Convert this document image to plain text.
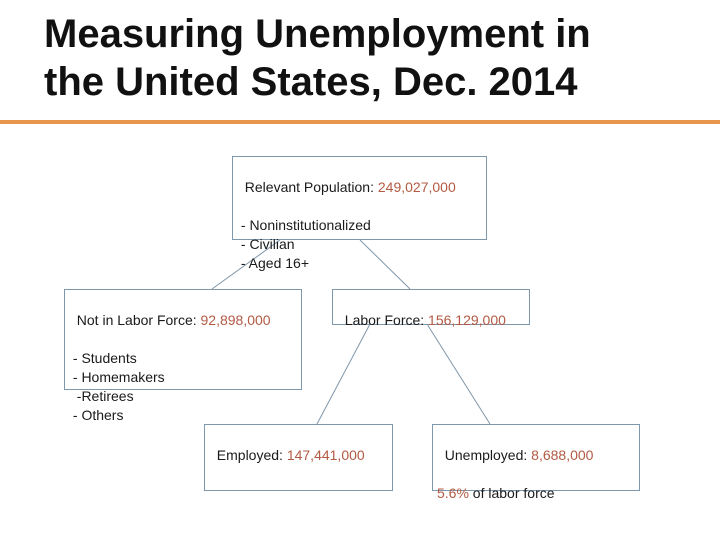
Measuring Unemployment in
the United States, Dec. 2014

Relevant Population: 249,027,000

- Noninstitutionalized
- Civilian
- Aged 16+

Not in Labor Force: 92,898,000

- Students
- Homemakers
-Retirees
- Others

Labor Force: 156,129,000

Employed: 147,441,000	Unemployed: 8,688,000

5.6% of labor force
